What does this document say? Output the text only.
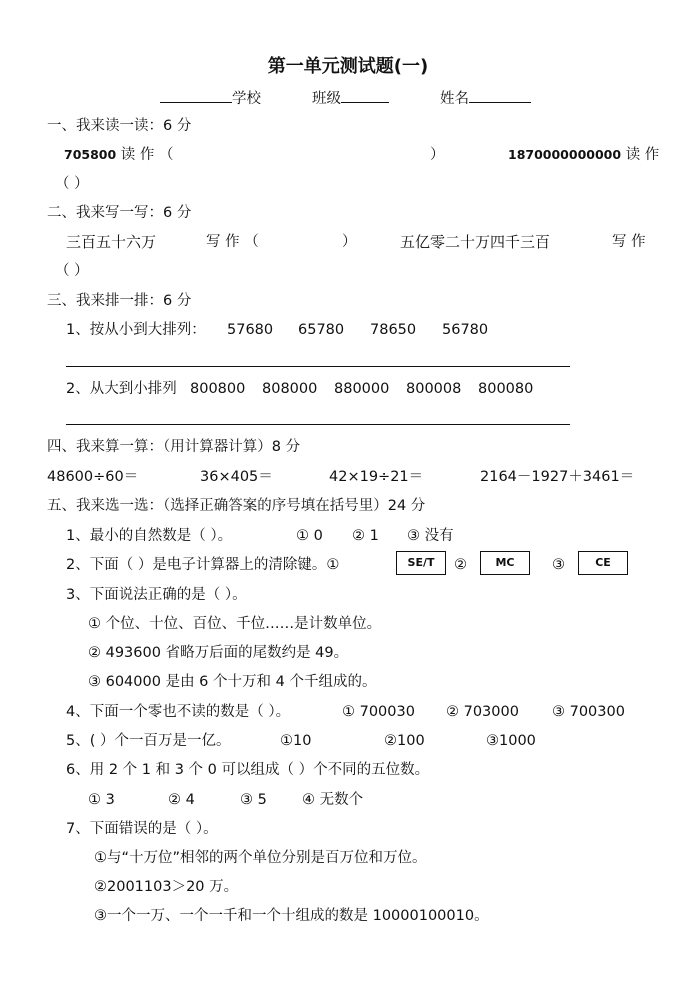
第一单元测试题(一)
学校	班级	姓名
一、我来读一读：6 分
705800 读 作 （	）	1870000000000 读 作
（ ）
二、我来写一写：6 分
三百五十六万	写 作 （	）	五亿零二十万四千三百	写 作
（ ）
三、我来排一排：6 分
1、按从小到大排列： 57680 65780 78650 56780
2、从大到小排列 800800 808000 880000 800008 800080
四、我来算一算：（用计算器计算）8 分
48600÷60＝	36×405＝	42×19÷21＝	2164－1927＋3461＝
五、我来选一选：（选择正确答案的序号填在括号里）24 分
1、最小的自然数是（ ）。	① 0 ② 1 ③ 没有
2、下面（ ）是电子计算器上的清除键。①	SE/T	②	MC	③	CE
3、下面说法正确的是（ ）。
① 个位、十位、百位、千位……是计数单位。
② 493600 省略万后面的尾数约是 49。
③ 604000 是由 6 个十万和 4 个千组成的。
4、下面一个零也不读的数是（ ）。	① 700030 ② 703000 ③ 700300
5、( ）个一百万是一亿。	①10	②100	③1000
6、用 2 个 1 和 3 个 0 可以组成（ ）个不同的五位数。
① 3	② 4	③ 5 ④ 无数个
7、下面错误的是（ ）。
①与“十万位”相邻的两个单位分别是百万位和万位。
②2001103＞20 万。
③一个一万、一个一千和一个十组成的数是 10000100010。
